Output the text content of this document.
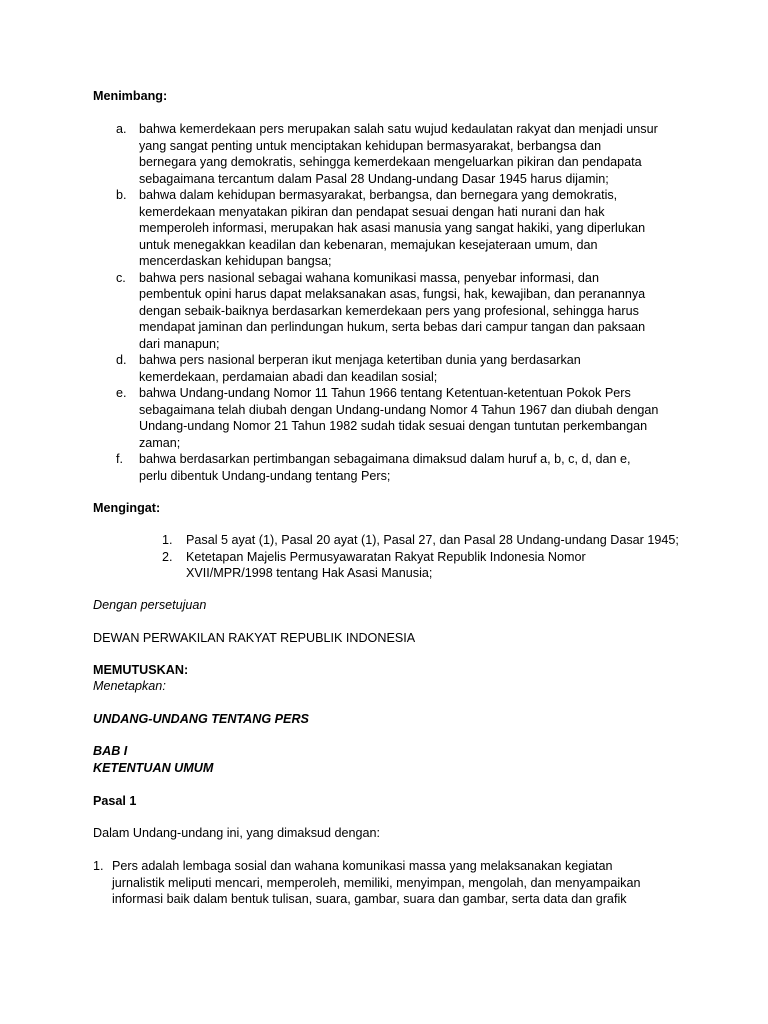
Menimbang:
a. bahwa kemerdekaan pers merupakan salah satu wujud kedaulatan rakyat dan menjadi unsur
yang sangat penting untuk menciptakan kehidupan bermasyarakat, berbangsa dan
bernegara yang demokratis, sehingga kemerdekaan mengeluarkan pikiran dan pendapata
sebagaimana tercantum dalam Pasal 28 Undang-undang Dasar 1945 harus dijamin;
b. bahwa dalam kehidupan bermasyarakat, berbangsa, dan bernegara yang demokratis,
kemerdekaan menyatakan pikiran dan pendapat sesuai dengan hati nurani dan hak
memperoleh informasi, merupakan hak asasi manusia yang sangat hakiki, yang diperlukan
untuk menegakkan keadilan dan kebenaran, memajukan kesejateraan umum, dan
mencerdaskan kehidupan bangsa;
c. bahwa pers nasional sebagai wahana komunikasi massa, penyebar informasi, dan
pembentuk opini harus dapat melaksanakan asas, fungsi, hak, kewajiban, dan peranannya
dengan sebaik-baiknya berdasarkan kemerdekaan pers yang profesional, sehingga harus
mendapat jaminan dan perlindungan hukum, serta bebas dari campur tangan dan paksaan
dari manapun;
d. bahwa pers nasional berperan ikut menjaga ketertiban dunia yang berdasarkan
kemerdekaan, perdamaian abadi dan keadilan sosial;
e. bahwa Undang-undang Nomor 11 Tahun 1966 tentang Ketentuan-ketentuan Pokok Pers
sebagaimana telah diubah dengan Undang-undang Nomor 4 Tahun 1967 dan diubah dengan
Undang-undang Nomor 21 Tahun 1982 sudah tidak sesuai dengan tuntutan perkembangan
zaman;
f. bahwa berdasarkan pertimbangan sebagaimana dimaksud dalam huruf a, b, c, d, dan e,
perlu dibentuk Undang-undang tentang Pers;
Mengingat:
1. Pasal 5 ayat (1), Pasal 20 ayat (1), Pasal 27, dan Pasal 28 Undang-undang Dasar 1945;
2. Ketetapan Majelis Permusyawaratan Rakyat Republik Indonesia Nomor
XVII/MPR/1998 tentang Hak Asasi Manusia;
Dengan persetujuan
DEWAN PERWAKILAN RAKYAT REPUBLIK INDONESIA
MEMUTUSKAN:
Menetapkan:
UNDANG-UNDANG TENTANG PERS
BAB I
KETENTUAN UMUM
Pasal 1
Dalam Undang-undang ini, yang dimaksud dengan:
1. Pers adalah lembaga sosial dan wahana komunikasi massa yang melaksanakan kegiatan
jurnalistik meliputi mencari, memperoleh, memiliki, menyimpan, mengolah, dan menyampaikan
informasi baik dalam bentuk tulisan, suara, gambar, suara dan gambar, serta data dan grafik
